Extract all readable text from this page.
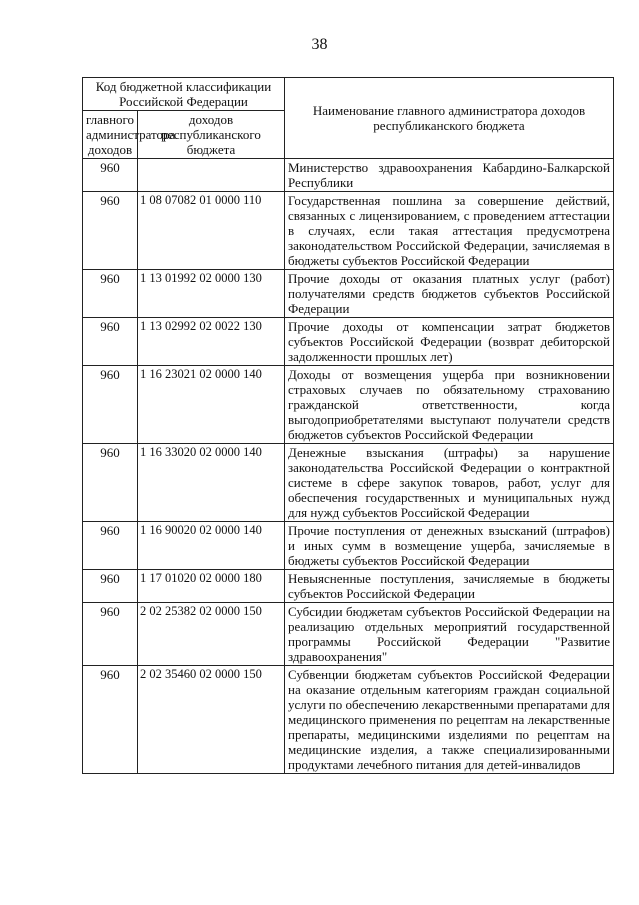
38
Код бюджетной классификации Российской Федерации		Наименование главного администратора доходов республиканского бюджета
главного администратора доходов	доходов республиканского бюджета	
960		Министерство здравоохранения Кабардино-Балкарской Республики
960	1 08 07082 01 0000 110	Государственная пошлина за совершение действий, связанных с лицензированием, с проведением аттестации в случаях, если такая аттестация предусмотрена законодательством Российской Федерации, зачисляемая в бюджеты субъектов Российской Федерации
960	1 13 01992 02 0000 130	Прочие доходы от оказания платных услуг (работ) получателями средств бюджетов субъектов Российской Федерации
960	1 13 02992 02 0022 130	Прочие доходы от компенсации затрат бюджетов субъектов Российской Федерации (возврат дебиторской задолженности прошлых лет)
960	1 16 23021 02 0000 140	Доходы от возмещения ущерба при возникновении страховых случаев по обязательному страхованию гражданской ответственности, когда выгодоприобретателями выступают получатели средств бюджетов субъектов Российской Федерации
960	1 16 33020 02 0000 140	Денежные взыскания (штрафы) за нарушение законодательства Российской Федерации о контрактной системе в сфере закупок товаров, работ, услуг для обеспечения государственных и муниципальных нужд для нужд субъектов Российской Федерации
960	1 16 90020 02 0000 140	Прочие поступления от денежных взысканий (штрафов) и иных сумм в возмещение ущерба, зачисляемые в бюджеты субъектов Российской Федерации
960	1 17 01020 02 0000 180	Невыясненные поступления, зачисляемые в бюджеты субъектов Российской Федерации
960	2 02 25382 02 0000 150	Субсидии бюджетам субъектов Российской Федерации на реализацию отдельных мероприятий государственной программы Российской Федерации "Развитие здравоохранения"
960	2 02 35460 02 0000 150	Субвенции бюджетам субъектов Российской Федерации на оказание отдельным категориям граждан социальной услуги по обеспечению лекарственными препаратами для медицинского применения по рецептам на лекарственные препараты, медицинскими изделиями по рецептам на медицинские изделия, а также специализированными продуктами лечебного питания для детей-инвалидов
